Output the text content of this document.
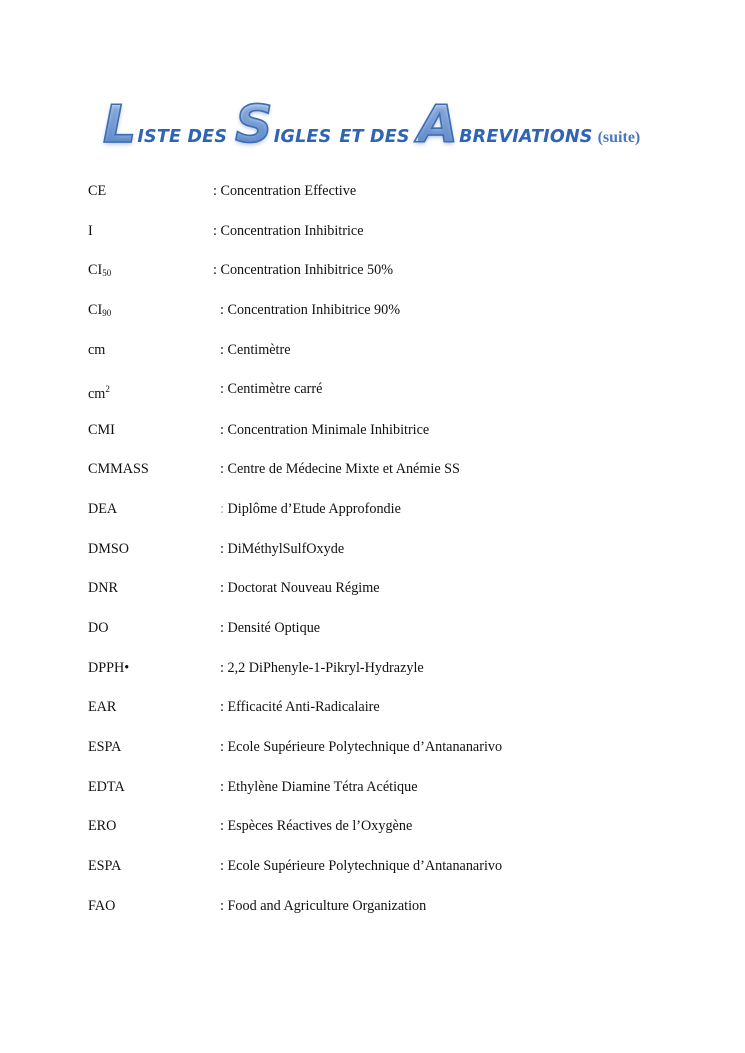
LISTE DES SIGLES ET DES ABREVIATIONS (suite)
CE	: Concentration Effective
I	: Concentration Inhibitrice
$CI_{50}$	: Concentration Inhibitrice 50%
$CI_{90}$	: Concentration Inhibitrice 90%
cm	: Centimètre
$cm^2$	: Centimètre carré
CMI	: Concentration Minimale Inhibitrice
CMMASS	: Centre de Médecine Mixte et Anémie SS
DEA	: Diplôme d’Etude Approfondie
DMSO	: DiMéthylSulfOxyde
DNR	: Doctorat Nouveau Régime
DO	: Densité Optique
DPPH•	: 2,2 DiPhenyle-1-Pikryl-Hydrazyle
EAR	: Efficacité Anti-Radicalaire
ESPA	: Ecole Supérieure Polytechnique d’Antananarivo
EDTA	: Ethylène Diamine Tétra Acétique
ERO	: Espèces Réactives de l’Oxygène
ESPA	: Ecole Supérieure Polytechnique d’Antananarivo
FAO	: Food and Agriculture Organization
